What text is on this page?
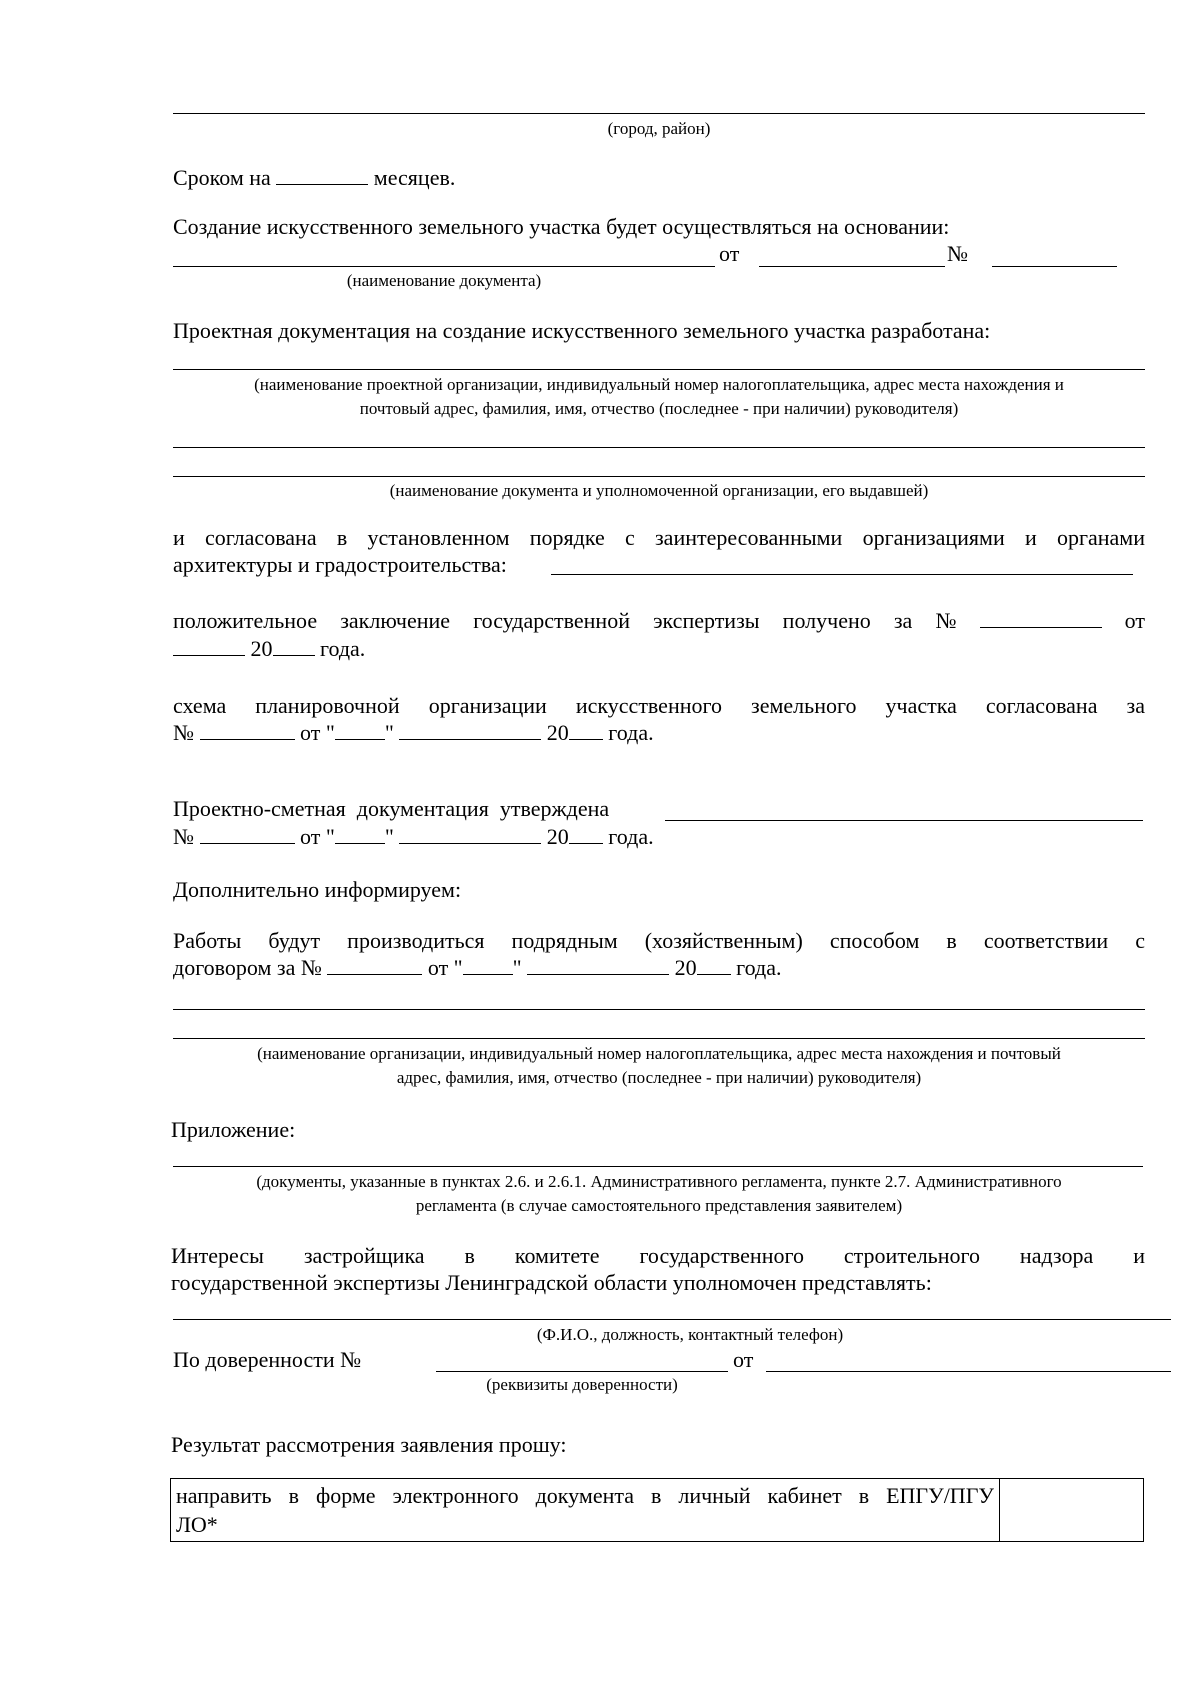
(город, район)
Сроком на	месяцев.
Создание искусственного земельного участка будет осуществляться на основании:
от	№
(наименование документа)
Проектная документация на создание искусственного земельного участка разработана:
(наименование проектной организации, индивидуальный номер налогоплательщика, адрес места нахождения и
почтовый адрес, фамилия, имя, отчество (последнее - при наличии) руководителя)
(наименование документа и уполномоченной организации, его выдавшей)
и согласована в установленном порядке с заинтересованными организациями и органами
архитектуры и градостроительства:
положительное заключение государственной экспертизы получено за №	от
20 года.
схема планировочной организации искусственного земельного участка согласована за
№	от " "	20 года.
Проектно-сметная документация утверждена
№	от " "	20 года.
Дополнительно информируем:
Работы будут производиться подрядным (хозяйственным) способом в соответствии с
договором за №	от " "	20 года.
(наименование организации, индивидуальный номер налогоплательщика, адрес места нахождения и почтовый
адрес, фамилия, имя, отчество (последнее - при наличии) руководителя)
Приложение:
(документы, указанные в пунктах 2.6. и 2.6.1. Административного регламента, пункте 2.7. Административного
регламента (в случае самостоятельного представления заявителем)
Интересы застройщика в комитете государственного строительного надзора и
государственной экспертизы Ленинградской области уполномочен представлять:
(Ф.И.О., должность, контактный телефон)
По доверенности №	от
(реквизиты доверенности)
Результат рассмотрения заявления прошу:
направить в форме электронного документа в личный кабинет в ЕПГУ/ПГУ
ЛО*
